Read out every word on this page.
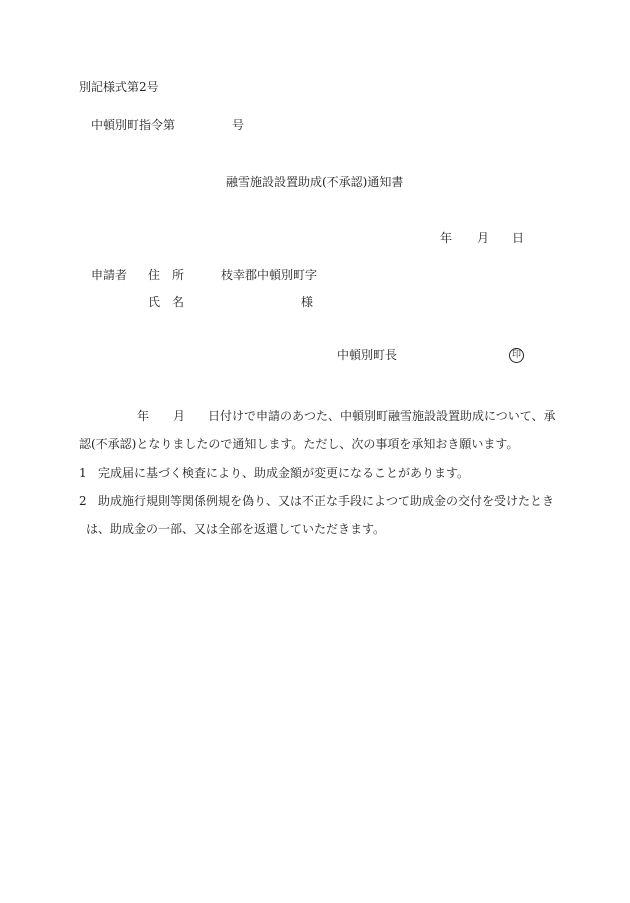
別記様式第2号
中頓別町指令第	号
融雪施設設置助成(不承認)通知書
年 月 日
申請者 住　所	枝幸郡中頓別町字
氏　名	様
中頓別町長	印
年 月 日付けで申請のあつた、中頓別町融雪施設設置助成について、承
認(不承認)となりましたので通知します。ただし、次の事項を承知おき願います。
1 完成届に基づく検査により、助成金額が変更になることがあります。
2 助成施行規則等関係例規を偽り、又は不正な手段によつて助成金の交付を受けたとき
は、助成金の一部、又は全部を返還していただきます。
